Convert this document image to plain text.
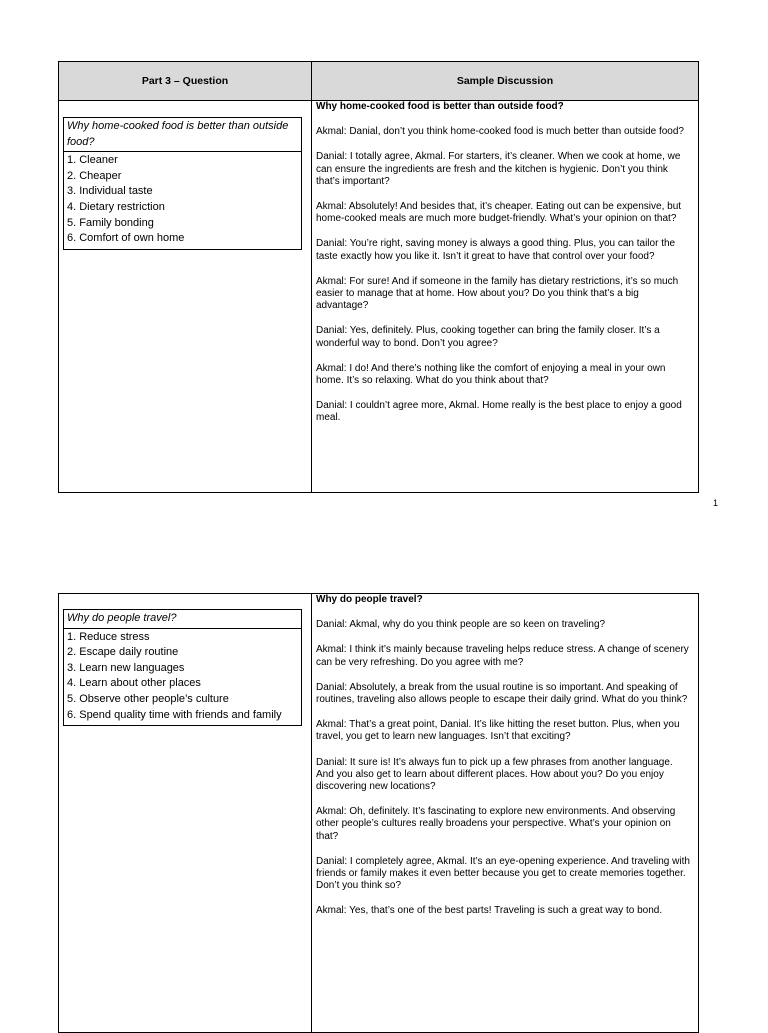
Part 3 – Question	Sample Discussion
Why home-cooked food is better than outside food?
1. Cleaner
2. Cheaper
3. Individual taste
4. Dietary restriction
5. Family bonding
6. Comfort of own home
Why home-cooked food is better than outside food?

Akmal: Danial, don’t you think home-cooked food is much better than outside food?

Danial: I totally agree, Akmal. For starters, it’s cleaner. When we cook at home, we can ensure the ingredients are fresh and the kitchen is hygienic. Don’t you think that’s important?

Akmal: Absolutely! And besides that, it’s cheaper. Eating out can be expensive, but home-cooked meals are much more budget-friendly. What’s your opinion on that?

Danial: You’re right, saving money is always a good thing. Plus, you can tailor the taste exactly how you like it. Isn’t it great to have that control over your food?

Akmal: For sure! And if someone in the family has dietary restrictions, it’s so much easier to manage that at home. How about you? Do you think that’s a big advantage?

Danial: Yes, definitely. Plus, cooking together can bring the family closer. It’s a wonderful way to bond. Don’t you agree?

Akmal: I do! And there’s nothing like the comfort of enjoying a meal in your own home. It’s so relaxing. What do you think about that?

Danial: I couldn’t agree more, Akmal. Home really is the best place to enjoy a good meal.

1
Why do people travel?
1. Reduce stress
2. Escape daily routine
3. Learn new languages
4. Learn about other places
5. Observe other people’s culture
6. Spend quality time with friends and family
Why do people travel?

Danial: Akmal, why do you think people are so keen on traveling?

Akmal: I think it’s mainly because traveling helps reduce stress. A change of scenery can be very refreshing. Do you agree with me?

Danial: Absolutely, a break from the usual routine is so important. And speaking of routines, traveling also allows people to escape their daily grind. What do you think?

Akmal: That’s a great point, Danial. It’s like hitting the reset button. Plus, when you travel, you get to learn new languages. Isn’t that exciting?

Danial: It sure is! It’s always fun to pick up a few phrases from another language. And you also get to learn about different places. How about you? Do you enjoy discovering new locations?

Akmal: Oh, definitely. It’s fascinating to explore new environments. And observing other people’s cultures really broadens your perspective. What’s your opinion on that?

Danial: I completely agree, Akmal. It’s an eye-opening experience. And traveling with friends or family makes it even better because you get to create memories together. Don’t you think so?

Akmal: Yes, that’s one of the best parts! Traveling is such a great way to bond.
